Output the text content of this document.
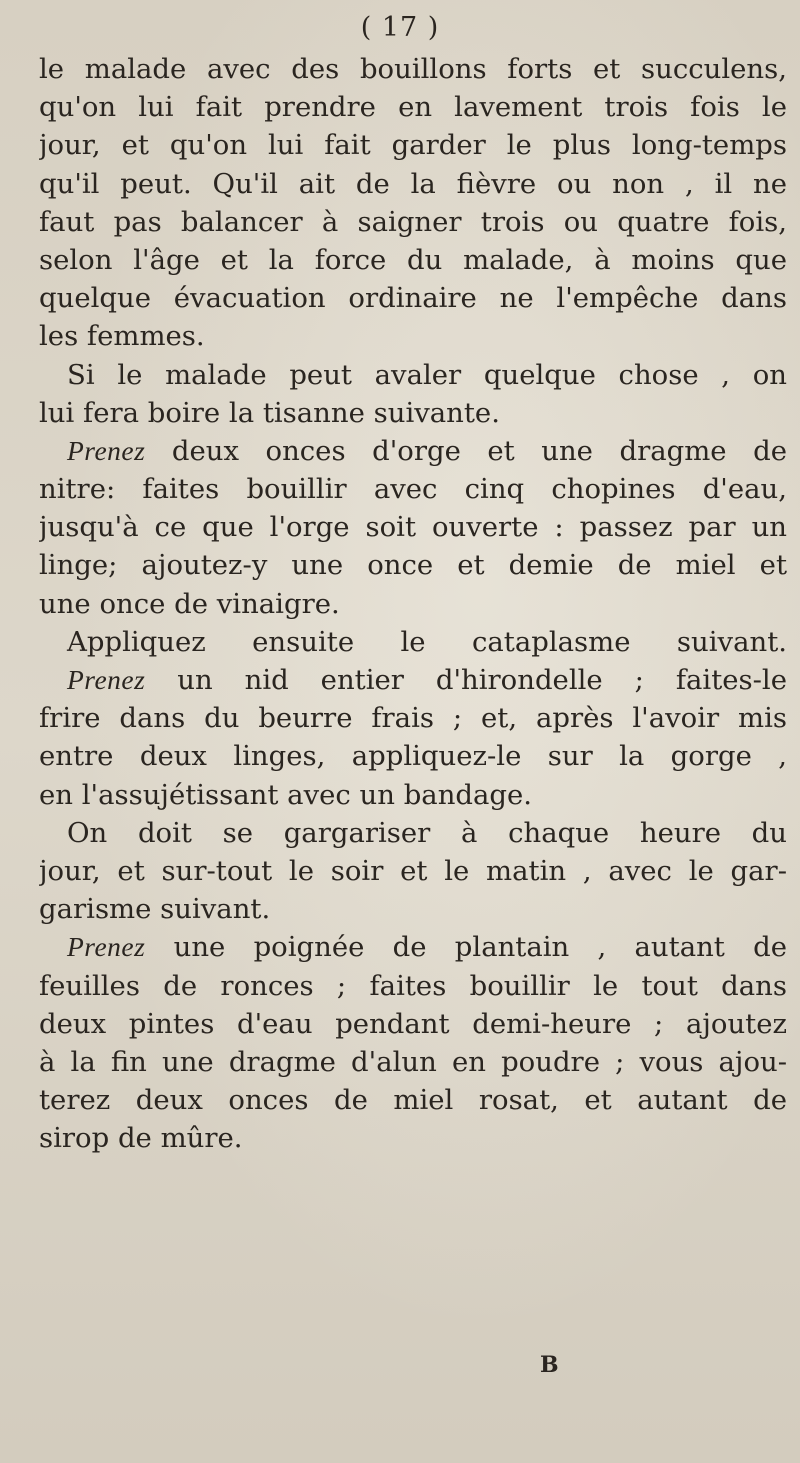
( 17 )
le malade avec des bouillons forts et succulens,
qu'on lui fait prendre en lavement trois fois le
jour, et qu'on lui fait garder le plus long-temps
qu'il peut. Qu'il ait de la fièvre ou non , il ne
faut pas balancer à saigner trois ou quatre fois,
selon l'âge et la force du malade, à moins que
quelque évacuation ordinaire ne l'empêche dans
les femmes.
Si le malade peut avaler quelque chose , on
lui fera boire la tisanne suivante.
Prenez deux onces d'orge et une dragme de
nitre: faites bouillir avec cinq chopines d'eau,
jusqu'à ce que l'orge soit ouverte : passez par un
linge; ajoutez-y une once et demie de miel et
une once de vinaigre.
Appliquez ensuite le cataplasme suivant.
Prenez un nid entier d'hirondelle ; faites-le
frire dans du beurre frais ; et, après l'avoir mis
entre deux linges, appliquez-le sur la gorge ,
en l'assujétissant avec un bandage.
On doit se gargariser à chaque heure du
jour, et sur-tout le soir et le matin , avec le gar-
garisme suivant.
Prenez une poignée de plantain , autant de
feuilles de ronces ; faites bouillir le tout dans
deux pintes d'eau pendant demi-heure ; ajoutez
à la fin une dragme d'alun en poudre ; vous ajou-
terez deux onces de miel rosat, et autant de
sirop de mûre.
B
